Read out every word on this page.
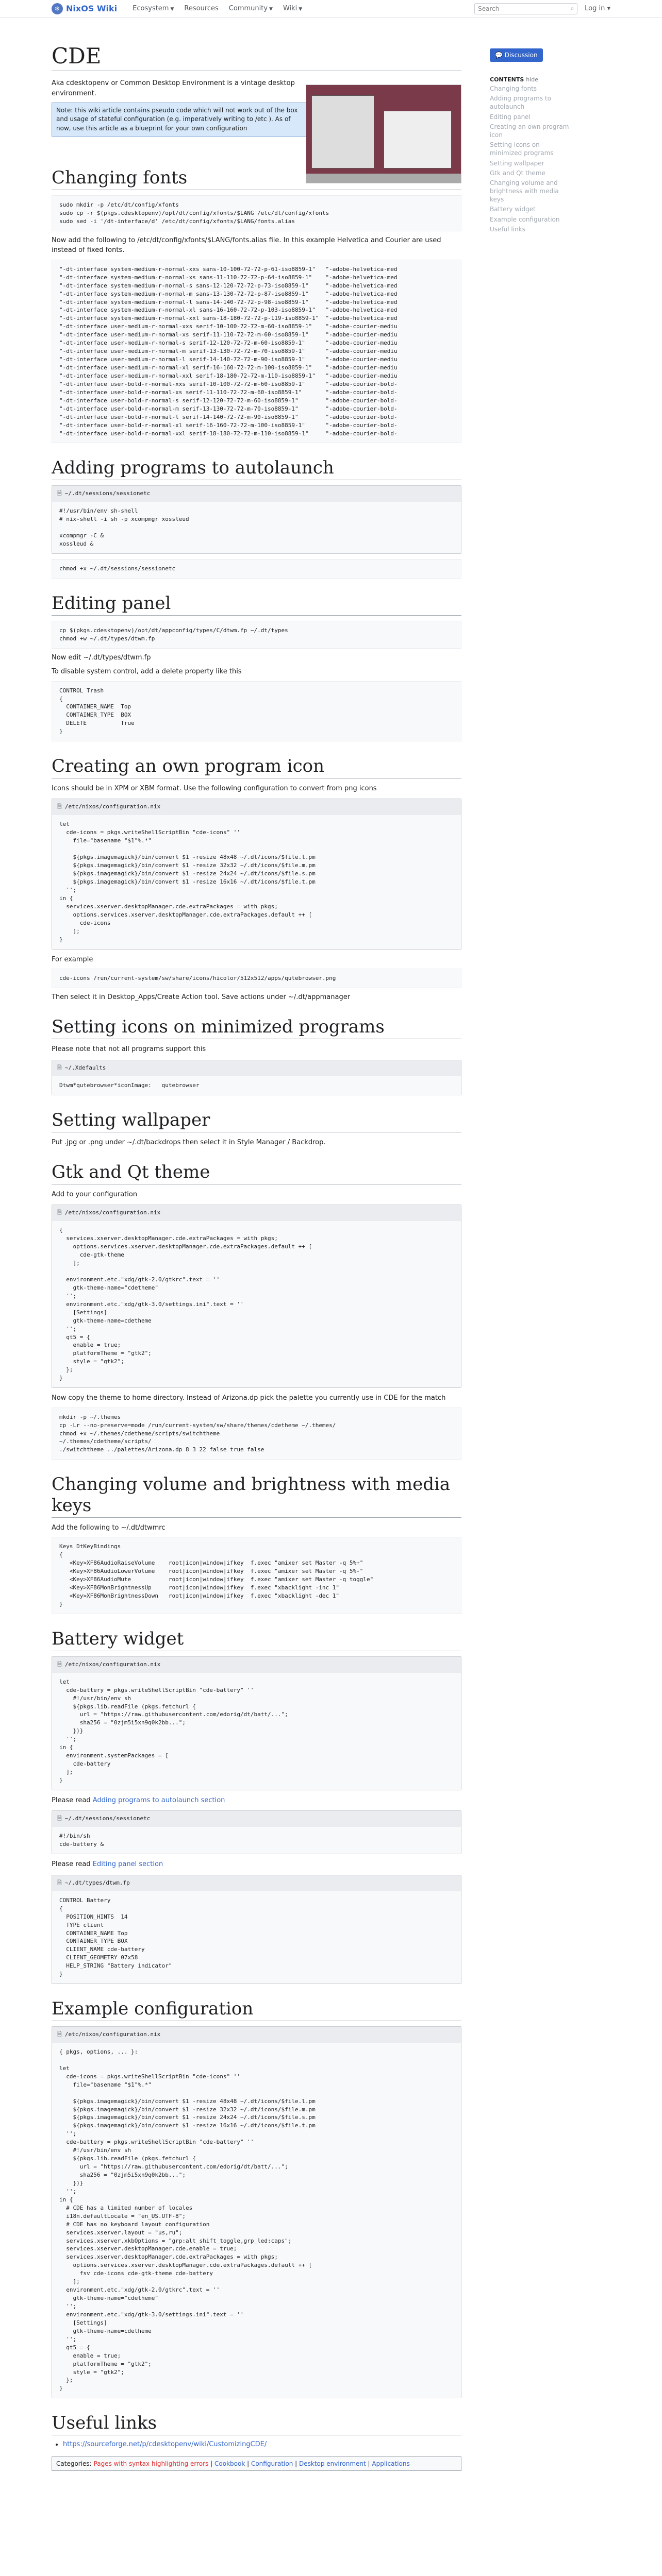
❄ NixOS Wiki Ecosystem ▼ Resources Community ▼ Wiki ▼	Search	⌕ Log in ▾
💬 Discussion
CONTENTS hide
Changing fonts
Adding programs to autolaunch
Editing panel
Creating an own program icon
Setting icons on minimized programs
Setting wallpaper
Gtk and Qt theme
Changing volume and brightness with media keys
Battery widget
Example configuration
Useful links
CDE

Aka cdesktopenv or Common Desktop Environment is a vintage desktop environment.

Note: this wiki article contains pseudo code which will not work out of the box and usage of stateful configuration (e.g. imperatively writing to /etc ). As of now, use this article as a blueprint for your own configuration
Changing fonts
sudo mkdir -p /etc/dt/config/xfonts
sudo cp -r $(pkgs.cdesktopenv)/opt/dt/config/xfonts/$LANG /etc/dt/config/xfonts
sudo sed -i '/dt-interface/d' /etc/dt/config/xfonts/$LANG/fonts.alias

Now add the following to /etc/dt/config/xfonts/$LANG/fonts.alias file. In this example Helvetica and Courier are used instead of fixed fonts.

"-dt-interface system-medium-r-normal-xxs sans-10-100-72-72-p-61-iso8859-1"   "-adobe-helvetica-med
"-dt-interface system-medium-r-normal-xs sans-11-110-72-72-p-64-iso8859-1"    "-adobe-helvetica-med
"-dt-interface system-medium-r-normal-s sans-12-120-72-72-p-73-iso8859-1"     "-adobe-helvetica-med
"-dt-interface system-medium-r-normal-m sans-13-130-72-72-p-87-iso8859-1"     "-adobe-helvetica-med
"-dt-interface system-medium-r-normal-l sans-14-140-72-72-p-98-iso8859-1"     "-adobe-helvetica-med
"-dt-interface system-medium-r-normal-xl sans-16-160-72-72-p-103-iso8859-1"   "-adobe-helvetica-med
"-dt-interface system-medium-r-normal-xxl sans-18-180-72-72-p-119-iso8859-1"  "-adobe-helvetica-med
"-dt-interface user-medium-r-normal-xxs serif-10-100-72-72-m-60-iso8859-1"    "-adobe-courier-mediu
"-dt-interface user-medium-r-normal-xs serif-11-110-72-72-m-60-iso8859-1"     "-adobe-courier-mediu
"-dt-interface user-medium-r-normal-s serif-12-120-72-72-m-60-iso8859-1"      "-adobe-courier-mediu
"-dt-interface user-medium-r-normal-m serif-13-130-72-72-m-70-iso8859-1"      "-adobe-courier-mediu
"-dt-interface user-medium-r-normal-l serif-14-140-72-72-m-90-iso8859-1"      "-adobe-courier-mediu
"-dt-interface user-medium-r-normal-xl serif-16-160-72-72-m-100-iso8859-1"    "-adobe-courier-mediu
"-dt-interface user-medium-r-normal-xxl serif-18-180-72-72-m-110-iso8859-1"   "-adobe-courier-mediu
"-dt-interface user-bold-r-normal-xxs serif-10-100-72-72-m-60-iso8859-1"      "-adobe-courier-bold-
"-dt-interface user-bold-r-normal-xs serif-11-110-72-72-m-60-iso8859-1"       "-adobe-courier-bold-
"-dt-interface user-bold-r-normal-s serif-12-120-72-72-m-60-iso8859-1"        "-adobe-courier-bold-
"-dt-interface user-bold-r-normal-m serif-13-130-72-72-m-70-iso8859-1"        "-adobe-courier-bold-
"-dt-interface user-bold-r-normal-l serif-14-140-72-72-m-90-iso8859-1"        "-adobe-courier-bold-
"-dt-interface user-bold-r-normal-xl serif-16-160-72-72-m-100-iso8859-1"      "-adobe-courier-bold-
"-dt-interface user-bold-r-normal-xxl serif-18-180-72-72-m-110-iso8859-1"     "-adobe-courier-bold-
Adding programs to autolaunch
🗎 ~/.dt/sessions/sessionetc
#!/usr/bin/env sh-shell
# nix-shell -i sh -p xcompmgr xossleud

xcompmgr -C &
xossleud &
chmod +x ~/.dt/sessions/sessionetc
Editing panel
cp $(pkgs.cdesktopenv)/opt/dt/appconfig/types/C/dtwm.fp ~/.dt/types
chmod +w ~/.dt/types/dtwm.fp

Now edit ~/.dt/types/dtwm.fp

To disable system control, add a delete property like this

CONTROL Trash
{
CONTAINER_NAME  Top
CONTAINER_TYPE  BOX
DELETE          True
}
Creating an own program icon

Icons should be in XPM or XBM format. Use the following configuration to convert from png icons

🗎 /etc/nixos/configuration.nix
let
cde-icons = pkgs.writeShellScriptBin "cde-icons" ''
file="basename "$1"%.*"

${pkgs.imagemagick}/bin/convert $1 -resize 48x48 ~/.dt/icons/$file.l.pm
${pkgs.imagemagick}/bin/convert $1 -resize 32x32 ~/.dt/icons/$file.m.pm
${pkgs.imagemagick}/bin/convert $1 -resize 24x24 ~/.dt/icons/$file.s.pm
${pkgs.imagemagick}/bin/convert $1 -resize 16x16 ~/.dt/icons/$file.t.pm
'';
in {
services.xserver.desktopManager.cde.extraPackages = with pkgs;
options.services.xserver.desktopManager.cde.extraPackages.default ++ [
cde-icons
];
}

For example

cde-icons /run/current-system/sw/share/icons/hicolor/512x512/apps/qutebrowser.png

Then select it in Desktop_Apps/Create Action tool. Save actions under ~/.dt/appmanager

Setting icons on minimized programs

Please note that not all programs support this

🗎 ~/.Xdefaults
Dtwm*qutebrowser*iconImage:   qutebrowser
Setting wallpaper

Put .jpg or .png under ~/.dt/backdrops then select it in Style Manager / Backdrop.

Gtk and Qt theme

Add to your configuration

🗎 /etc/nixos/configuration.nix
{
services.xserver.desktopManager.cde.extraPackages = with pkgs;
options.services.xserver.desktopManager.cde.extraPackages.default ++ [
cde-gtk-theme
];

environment.etc."xdg/gtk-2.0/gtkrc".text = ''
gtk-theme-name="cdetheme"
'';
environment.etc."xdg/gtk-3.0/settings.ini".text = ''
[Settings]
gtk-theme-name=cdetheme
'';
qt5 = {
enable = true;
platformTheme = "gtk2";
style = "gtk2";
};
}

Now copy the theme to home directory. Instead of Arizona.dp pick the palette you currently use in CDE for the match

mkdir -p ~/.themes
cp -Lr --no-preserve=mode /run/current-system/sw/share/themes/cdetheme ~/.themes/
chmod +x ~/.themes/cdetheme/scripts/switchtheme
~/.themes/cdetheme/scripts/
./switchtheme ../palettes/Arizona.dp 8 3 22 false true false
Changing volume and brightness with media keys

Add the following to ~/.dt/dtwmrc

Keys DtKeyBindings
{
<Key>XF86AudioRaiseVolume    root|icon|window|ifkey  f.exec "amixer set Master -q 5%+"
<Key>XF86AudioLowerVolume    root|icon|window|ifkey  f.exec "amixer set Master -q 5%-"
<Key>XF86AudioMute           root|icon|window|ifkey  f.exec "amixer set Master -q toggle"
<Key>XF86MonBrightnessUp     root|icon|window|ifkey  f.exec "xbacklight -inc 1"
<Key>XF86MonBrightnessDown   root|icon|window|ifkey  f.exec "xbacklight -dec 1"
}
Battery widget
🗎 /etc/nixos/configuration.nix
let
cde-battery = pkgs.writeShellScriptBin "cde-battery" ''
#!/usr/bin/env sh
${pkgs.lib.readFile (pkgs.fetchurl {
url = "https://raw.githubusercontent.com/edorig/dt/batt/...";
sha256 = "0zjm5i5xn9q0k2bb...";
})}
'';
in {
environment.systemPackages = [
cde-battery
];
}

Please read Adding programs to autolaunch section

🗎 ~/.dt/sessions/sessionetc
#!/bin/sh
cde-battery &

Please read Editing panel section

🗎 ~/.dt/types/dtwm.fp
CONTROL Battery
{
POSITION_HINTS  14
TYPE client
CONTAINER_NAME Top
CONTAINER_TYPE BOX
CLIENT_NAME cde-battery
CLIENT_GEOMETRY 07x58
HELP_STRING "Battery indicator"
}
Example configuration
🗎 /etc/nixos/configuration.nix
{ pkgs, options, ... }:

let
cde-icons = pkgs.writeShellScriptBin "cde-icons" ''
file="basename "$1"%.*"

${pkgs.imagemagick}/bin/convert $1 -resize 48x48 ~/.dt/icons/$file.l.pm
${pkgs.imagemagick}/bin/convert $1 -resize 32x32 ~/.dt/icons/$file.m.pm
${pkgs.imagemagick}/bin/convert $1 -resize 24x24 ~/.dt/icons/$file.s.pm
${pkgs.imagemagick}/bin/convert $1 -resize 16x16 ~/.dt/icons/$file.t.pm
'';
cde-battery = pkgs.writeShellScriptBin "cde-battery" ''
#!/usr/bin/env sh
${pkgs.lib.readFile (pkgs.fetchurl {
url = "https://raw.githubusercontent.com/edorig/dt/batt/...";
sha256 = "0zjm5i5xn9q0k2bb...";
})}
'';
in {
# CDE has a limited number of locales
i18n.defaultLocale = "en_US.UTF-8";
# CDE has no keyboard layout configuration
services.xserver.layout = "us,ru";
services.xserver.xkbOptions = "grp:alt_shift_toggle,grp_led:caps";
services.xserver.desktopManager.cde.enable = true;
services.xserver.desktopManager.cde.extraPackages = with pkgs;
options.services.xserver.desktopManager.cde.extraPackages.default ++ [
fsv cde-icons cde-gtk-theme cde-battery
];
environment.etc."xdg/gtk-2.0/gtkrc".text = ''
gtk-theme-name="cdetheme"
'';
environment.etc."xdg/gtk-3.0/settings.ini".text = ''
[Settings]
gtk-theme-name=cdetheme
'';
qt5 = {
enable = true;
platformTheme = "gtk2";
style = "gtk2";
};
}
Useful links
• https://sourceforge.net/p/cdesktopenv/wiki/CustomizingCDE/
Categories: Pages with syntax highlighting errors | Cookbook | Configuration | Desktop environment | Applications
